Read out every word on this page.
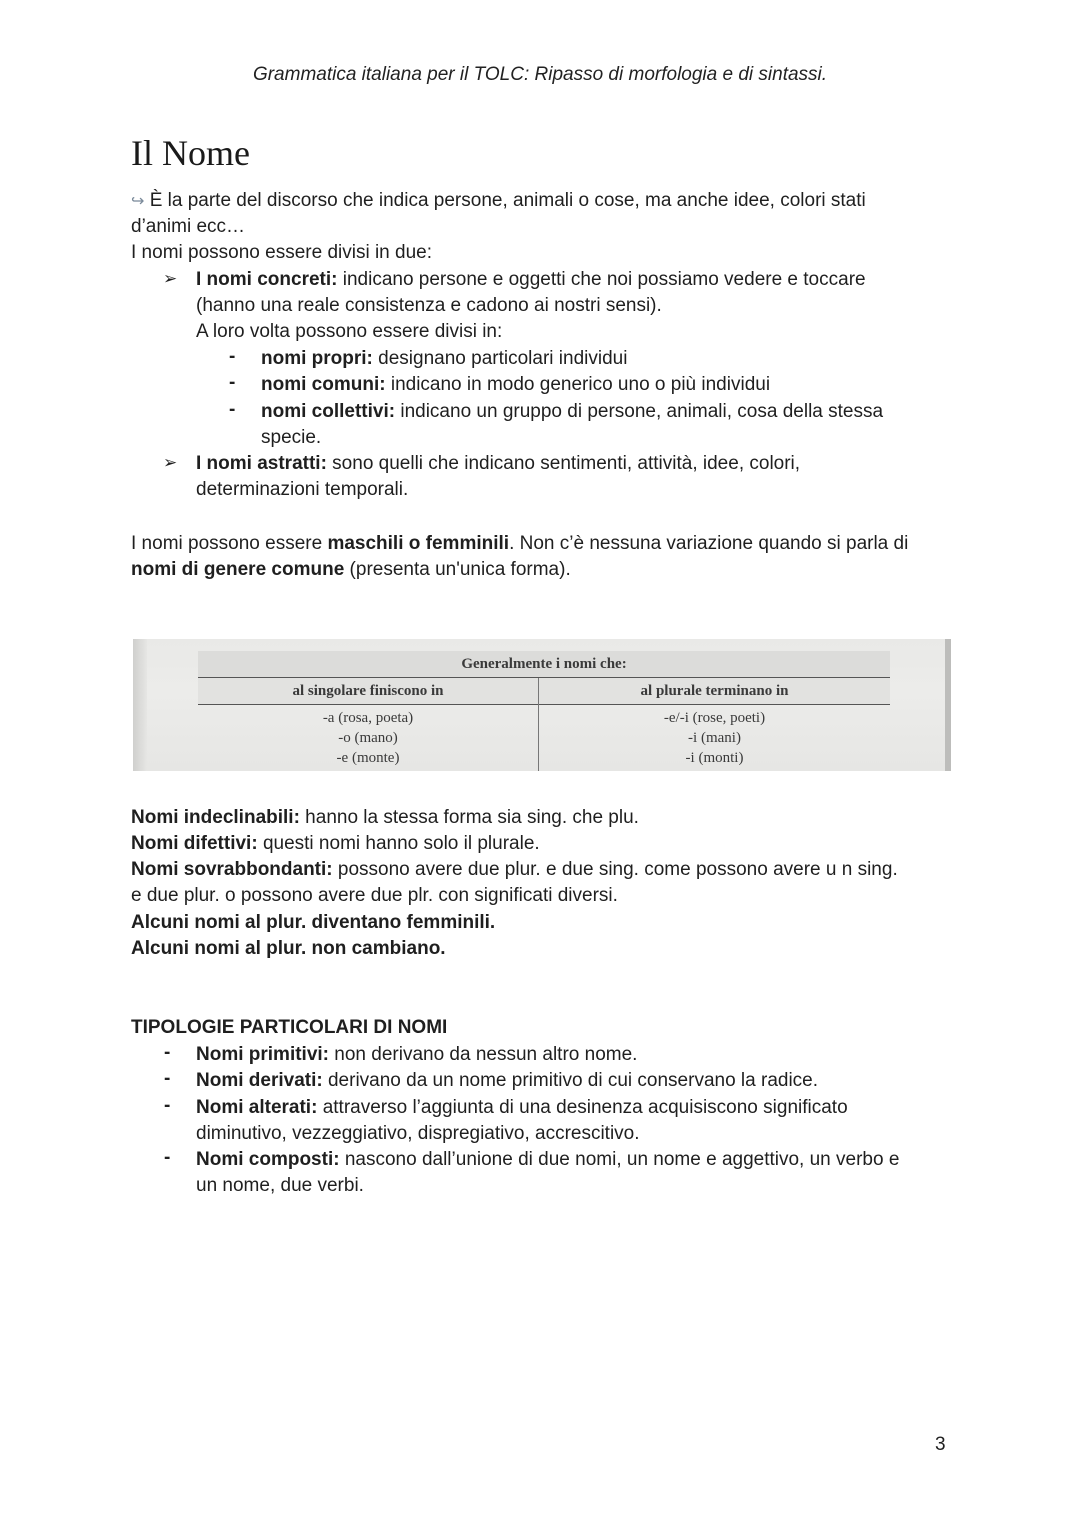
Grammatica italiana per il TOLC: Ripasso di morfologia e di sintassi.
Il Nome
↪ È la parte del discorso che indica persone, animali o cose, ma anche idee, colori stati
d’animi ecc…
I nomi possono essere divisi in due:
➢ I nomi concreti: indicano persone e oggetti che noi possiamo vedere e toccare
(hanno una reale consistenza e cadono ai nostri sensi).
A loro volta possono essere divisi in:
- nomi propri: designano particolari individui
- nomi comuni: indicano in modo generico uno o più individui
- nomi collettivi: indicano un gruppo di persone, animali, cosa della stessa
specie.
➢ I nomi astratti: sono quelli che indicano sentimenti, attività, idee, colori,
determinazioni temporali.
I nomi possono essere maschili o femminili. Non c’è nessuna variazione quando si parla di
nomi di genere comune (presenta un'unica forma).
Generalmente i nomi che:
al singolare finiscono in	al plurale terminano in
-a (rosa, poeta)
-o (mano)
-e (monte)
-e/-i (rose, poeti)
-i (mani)
-i (monti)
Nomi indeclinabili: hanno la stessa forma sia sing. che plu.
Nomi difettivi: questi nomi hanno solo il plurale.
Nomi sovrabbondanti: possono avere due plur. e due sing. come possono avere u n sing.
e due plur. o possono avere due plr. con significati diversi.
Alcuni nomi al plur. diventano femminili.
Alcuni nomi al plur. non cambiano.
TIPOLOGIE PARTICOLARI DI NOMI
- Nomi primitivi: non derivano da nessun altro nome.
- Nomi derivati: derivano da un nome primitivo di cui conservano la radice.
- Nomi alterati: attraverso l’aggiunta di una desinenza acquisiscono significato
diminutivo, vezzeggiativo, dispregiativo, accrescitivo.
- Nomi composti: nascono dall’unione di due nomi, un nome e aggettivo, un verbo e
un nome, due verbi.
3
